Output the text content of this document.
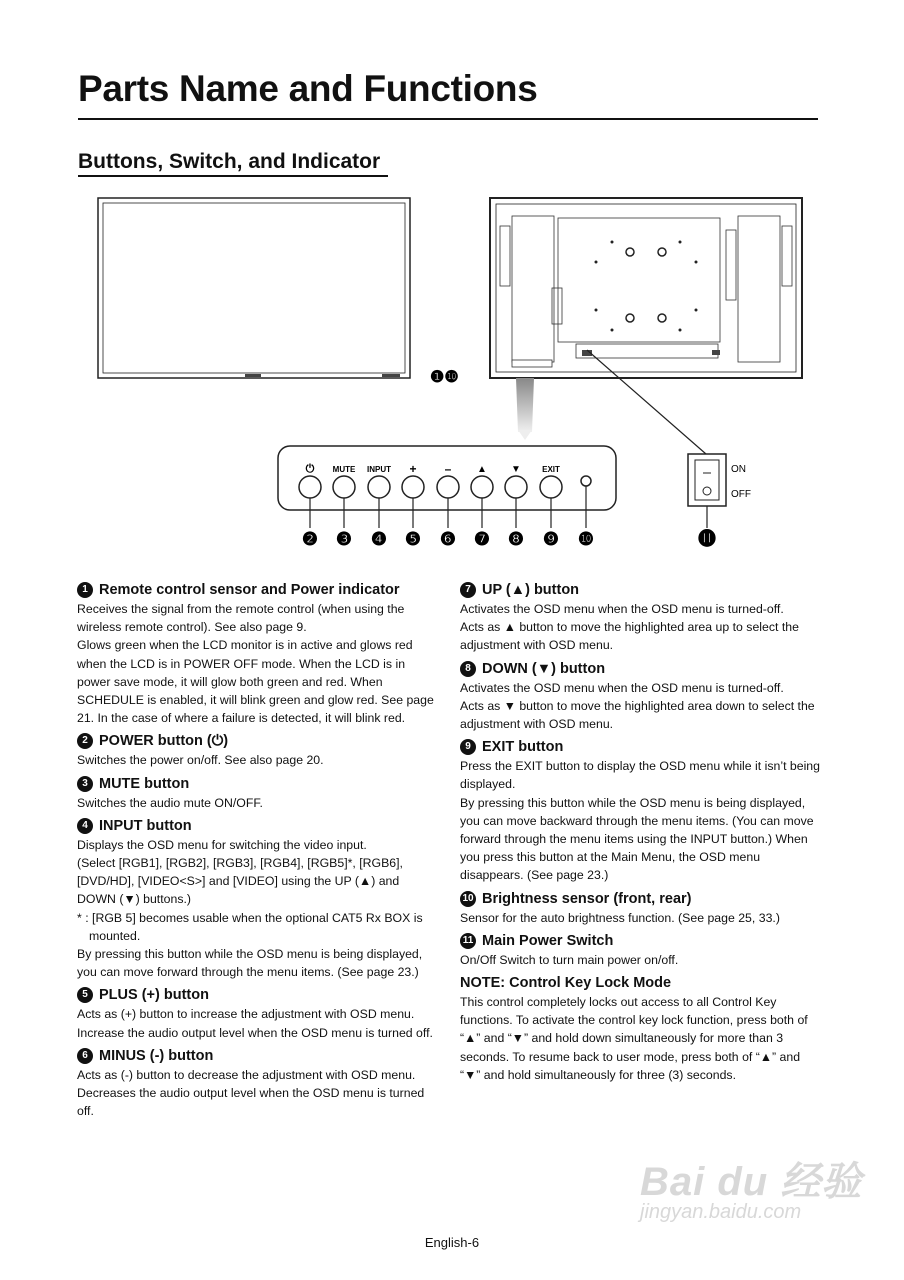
Parts Name and Functions
Buttons, Switch, and Indicator
❶❿
⏻ MUTE INPUT + –	▲ ▼	EXIT
❷ ❸ ❹ ❺ ❻ ❼ ❽ ❾ ❿	⓫
ON
OFF
1 Remote control sensor and Power indicator

Receives the signal from the remote control (when using the wireless remote control). See also page 9.

Glows green when the LCD monitor is in active and glows red when the LCD is in POWER OFF mode. When the LCD is in power save mode, it will glow both green and red. When SCHEDULE is enabled, it will blink green and glow red. See page 21. In the case of where a failure is detected, it will blink red.

2 POWER button (⏻)

Switches the power on/off. See also page 20.

3 MUTE button

Switches the audio mute ON/OFF.

4 INPUT button

Displays the OSD menu for switching the video input.

(Select [RGB1], [RGB2], [RGB3], [RGB4], [RGB5]*, [RGB6], [DVD/HD], [VIDEO<S>] and [VIDEO] using the UP (▲) and DOWN (▼) buttons.)

* : [RGB 5] becomes usable when the optional CAT5 Rx BOX is mounted.

By pressing this button while the OSD menu is being displayed, you can move forward through the menu items. (See page 23.)

5 PLUS (+) button

Acts as (+) button to increase the adjustment with OSD menu. Increase the audio output level when the OSD menu is turned off.

6 MINUS (-) button

Acts as (-) button to decrease the adjustment with OSD menu. Decreases the audio output level when the OSD menu is turned off.

7 UP (▲) button

Activates the OSD menu when the OSD menu is turned-off.

Acts as ▲ button to move the highlighted area up to select the adjustment with OSD menu.

8 DOWN (▼) button

Activates the OSD menu when the OSD menu is turned-off.

Acts as ▼ button to move the highlighted area down to select the adjustment with OSD menu.

9 EXIT button

Press the EXIT button to display the OSD menu while it isn’t being displayed.

By pressing this button while the OSD menu is being displayed, you can move backward through the menu items. (You can move forward through the menu items using the INPUT button.) When you press this button at the Main Menu, the OSD menu disappears. (See page 23.)

10 Brightness sensor (front, rear)

Sensor for the auto brightness function. (See page 25, 33.)

11 Main Power Switch

On/Off Switch to turn main power on/off.

NOTE: Control Key Lock Mode

This control completely locks out access to all Control Key functions. To activate the control key lock function, press both of “▲” and “▼” and hold down simultaneously for more than 3 seconds. To resume back to user mode, press both of “▲” and “▼” and hold simultaneously for three (3) seconds.

Bai du 经验
jingyan.baidu.com
English-6
